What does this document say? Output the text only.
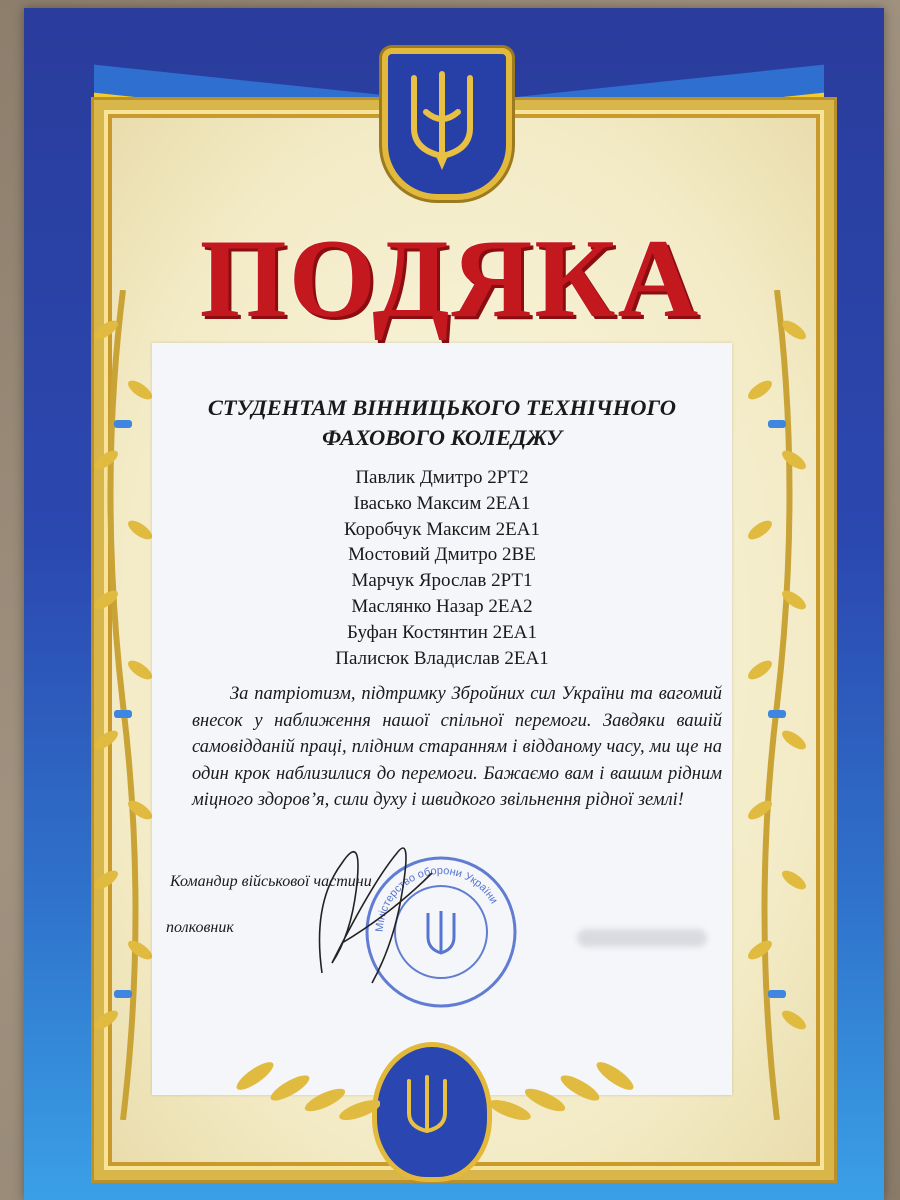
ПОДЯКА
СТУДЕНТАМ ВІННИЦЬКОГО ТЕХНІЧНОГО
ФАХОВОГО КОЛЕДЖУ
Павлик Дмитро 2РТ2
Івасько Максим 2ЕА1
Коробчук Максим 2ЕА1
Мостовий Дмитро 2ВЕ
Марчук Ярослав 2РТ1
Маслянко Назар 2ЕА2
Буфан Костянтин 2ЕА1
Палисюк Владислав 2ЕА1
За патріотизм, підтримку Збройних сил України та вагомий внесок у наближення нашої спільної перемоги. Завдяки вашій самовідданій праці, плідним старанням і відданому часу, ми ще на один крок наблизилися до перемоги. Бажаємо вам і вашим рідним міцного здоров’я, сили духу і швидкого звільнення рідної землі!
Командир військової частини
полковник	Міністерство оборони України
